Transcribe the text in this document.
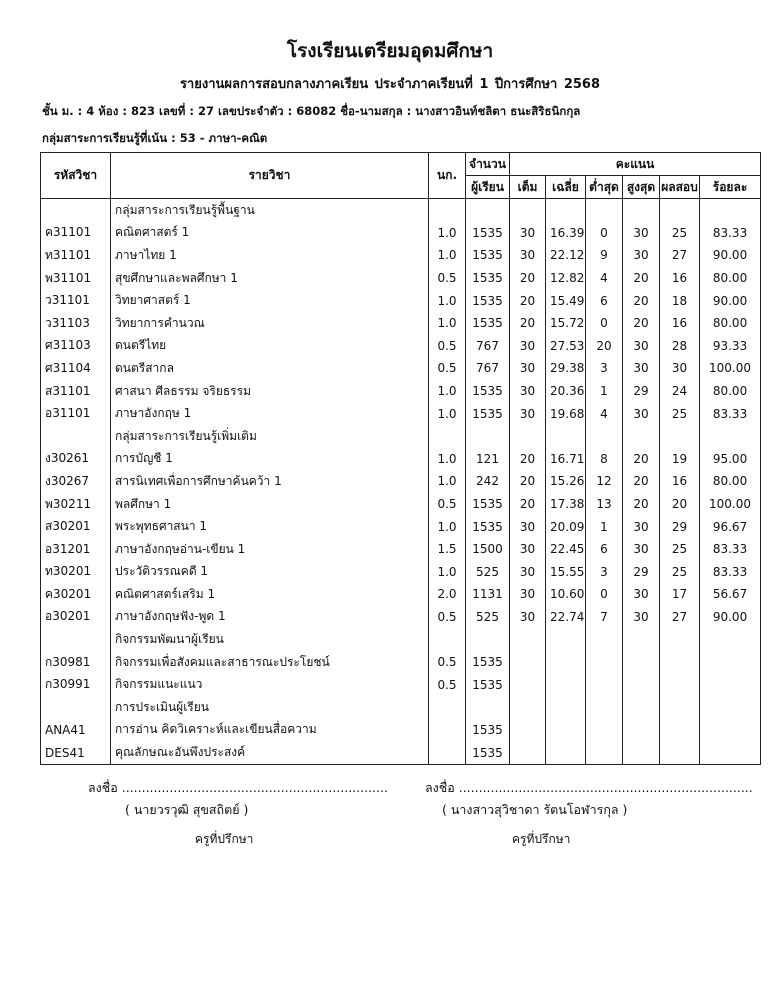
โรงเรียนเตรียมอุดมศึกษา
รายงานผลการสอบกลางภาคเรียน ประจำภาคเรียนที่ 1 ปีการศึกษา 2568
ชั้น ม. : 4 ห้อง : 823 เลขที่ : 27 เลขประจำตัว : 68082 ชื่อ-นามสกุล : นางสาวอินท์ชลิตา ธนะสิริธนิกกุล
กลุ่มสาระการเรียนรู้ที่เน้น : 53 - ภาษา-คณิต
รหัสวิชา	รายวิชา	นก.	จำนวน	คะแนน					
			ผู้เรียน	เต็ม	เฉลี่ย	ต่ำสุด	สูงสุด	ผลสอบ	ร้อยละ
	กลุ่มสาระการเรียนรู้พื้นฐาน								
ค31101	คณิตศาสตร์ 1	1.0	1535	30	16.39	0	30	25	83.33
ท31101	ภาษาไทย 1	1.0	1535	30	22.12	9	30	27	90.00
พ31101	สุขศึกษาและพลศึกษา 1	0.5	1535	20	12.82	4	20	16	80.00
ว31101	วิทยาศาสตร์ 1	1.0	1535	20	15.49	6	20	18	90.00
ว31103	วิทยาการคำนวณ	1.0	1535	20	15.72	0	20	16	80.00
ศ31103	ดนตรีไทย	0.5	767	30	27.53	20	30	28	93.33
ศ31104	ดนตรีสากล	0.5	767	30	29.38	3	30	30	100.00
ส31101	ศาสนา ศีลธรรม จริยธรรม	1.0	1535	30	20.36	1	29	24	80.00
อ31101	ภาษาอังกฤษ 1	1.0	1535	30	19.68	4	30	25	83.33
	กลุ่มสาระการเรียนรู้เพิ่มเติม								
ง30261	การบัญชี 1	1.0	121	20	16.71	8	20	19	95.00
ง30267	สารนิเทศเพื่อการศึกษาค้นคว้า 1	1.0	242	20	15.26	12	20	16	80.00
พ30211	พลศึกษา 1	0.5	1535	20	17.38	13	20	20	100.00
ส30201	พระพุทธศาสนา 1	1.0	1535	30	20.09	1	30	29	96.67
อ31201	ภาษาอังกฤษอ่าน-เขียน 1	1.5	1500	30	22.45	6	30	25	83.33
ท30201	ประวัติวรรณคดี 1	1.0	525	30	15.55	3	29	25	83.33
ค30201	คณิตศาสตร์เสริม 1	2.0	1131	30	10.60	0	30	17	56.67
อ30201	ภาษาอังกฤษฟัง-พูด 1	0.5	525	30	22.74	7	30	27	90.00
	กิจกรรมพัฒนาผู้เรียน								
ก30981	กิจกรรมเพื่อสังคมและสาธารณะประโยชน์	0.5	1535						
ก30991	กิจกรรมแนะแนว	0.5	1535						
	การประเมินผู้เรียน								
ANA41	การอ่าน คิดวิเคราะห์และเขียนสื่อความ		1535						
DES41	คุณลักษณะอันพึงประสงค์		1535						
ลงชื่อ ...................................................................
( นายวรวุฒิ สุขสถิตย์ )
ครูที่ปรึกษา
ลงชื่อ ..........................................................................
( นางสาวสุวิชาดา รัตนโอฬารกุล )
ครูที่ปรึกษา
